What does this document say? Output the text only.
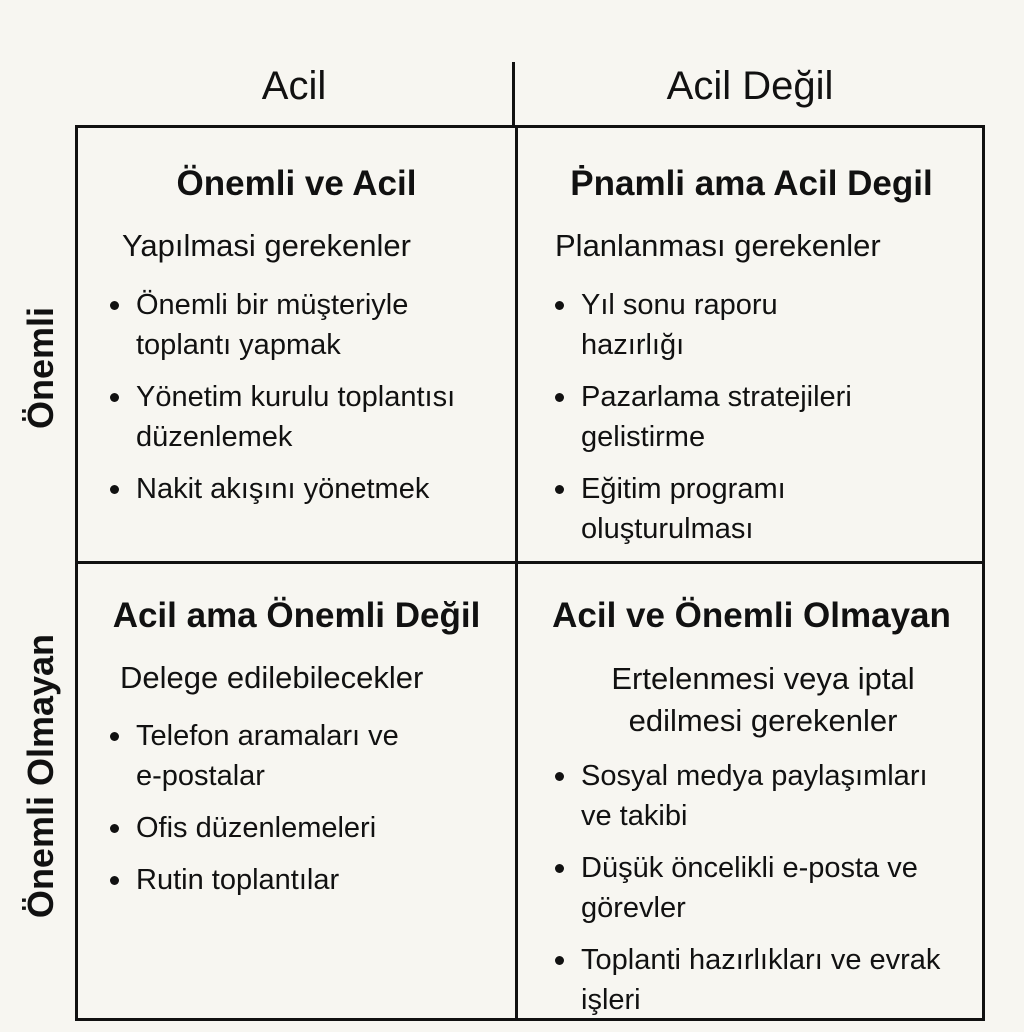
Acil	Acil Değil
Önemli
Önemli Olmayan
Önemli ve Acil
Yapılmasi gerekenler
Önemli bir müşteriyle toplantı yapmak
Yönetim kurulu toplantısı düzenlemek
Nakit akışını yönetmek
Ṗnamli ama Acil Degil
Planlanması gerekenler
Yıl sonu raporu hazırlığı
Pazarlama stratejileri gelistirme
Eğitim programı oluşturulması
Acil ama Önemli Değil
Delege edilebilecekler
Telefon aramaları ve e-postalar
Ofis düzenlemeleri
Rutin toplantılar
Acil ve Önemli Olmayan
Ertelenmesi veya iptal edilmesi gerekenler
Sosyal medya paylaşımları ve takibi
Düşük öncelikli e-posta ve görevler
Toplanti hazırlıkları ve evrak işleri
